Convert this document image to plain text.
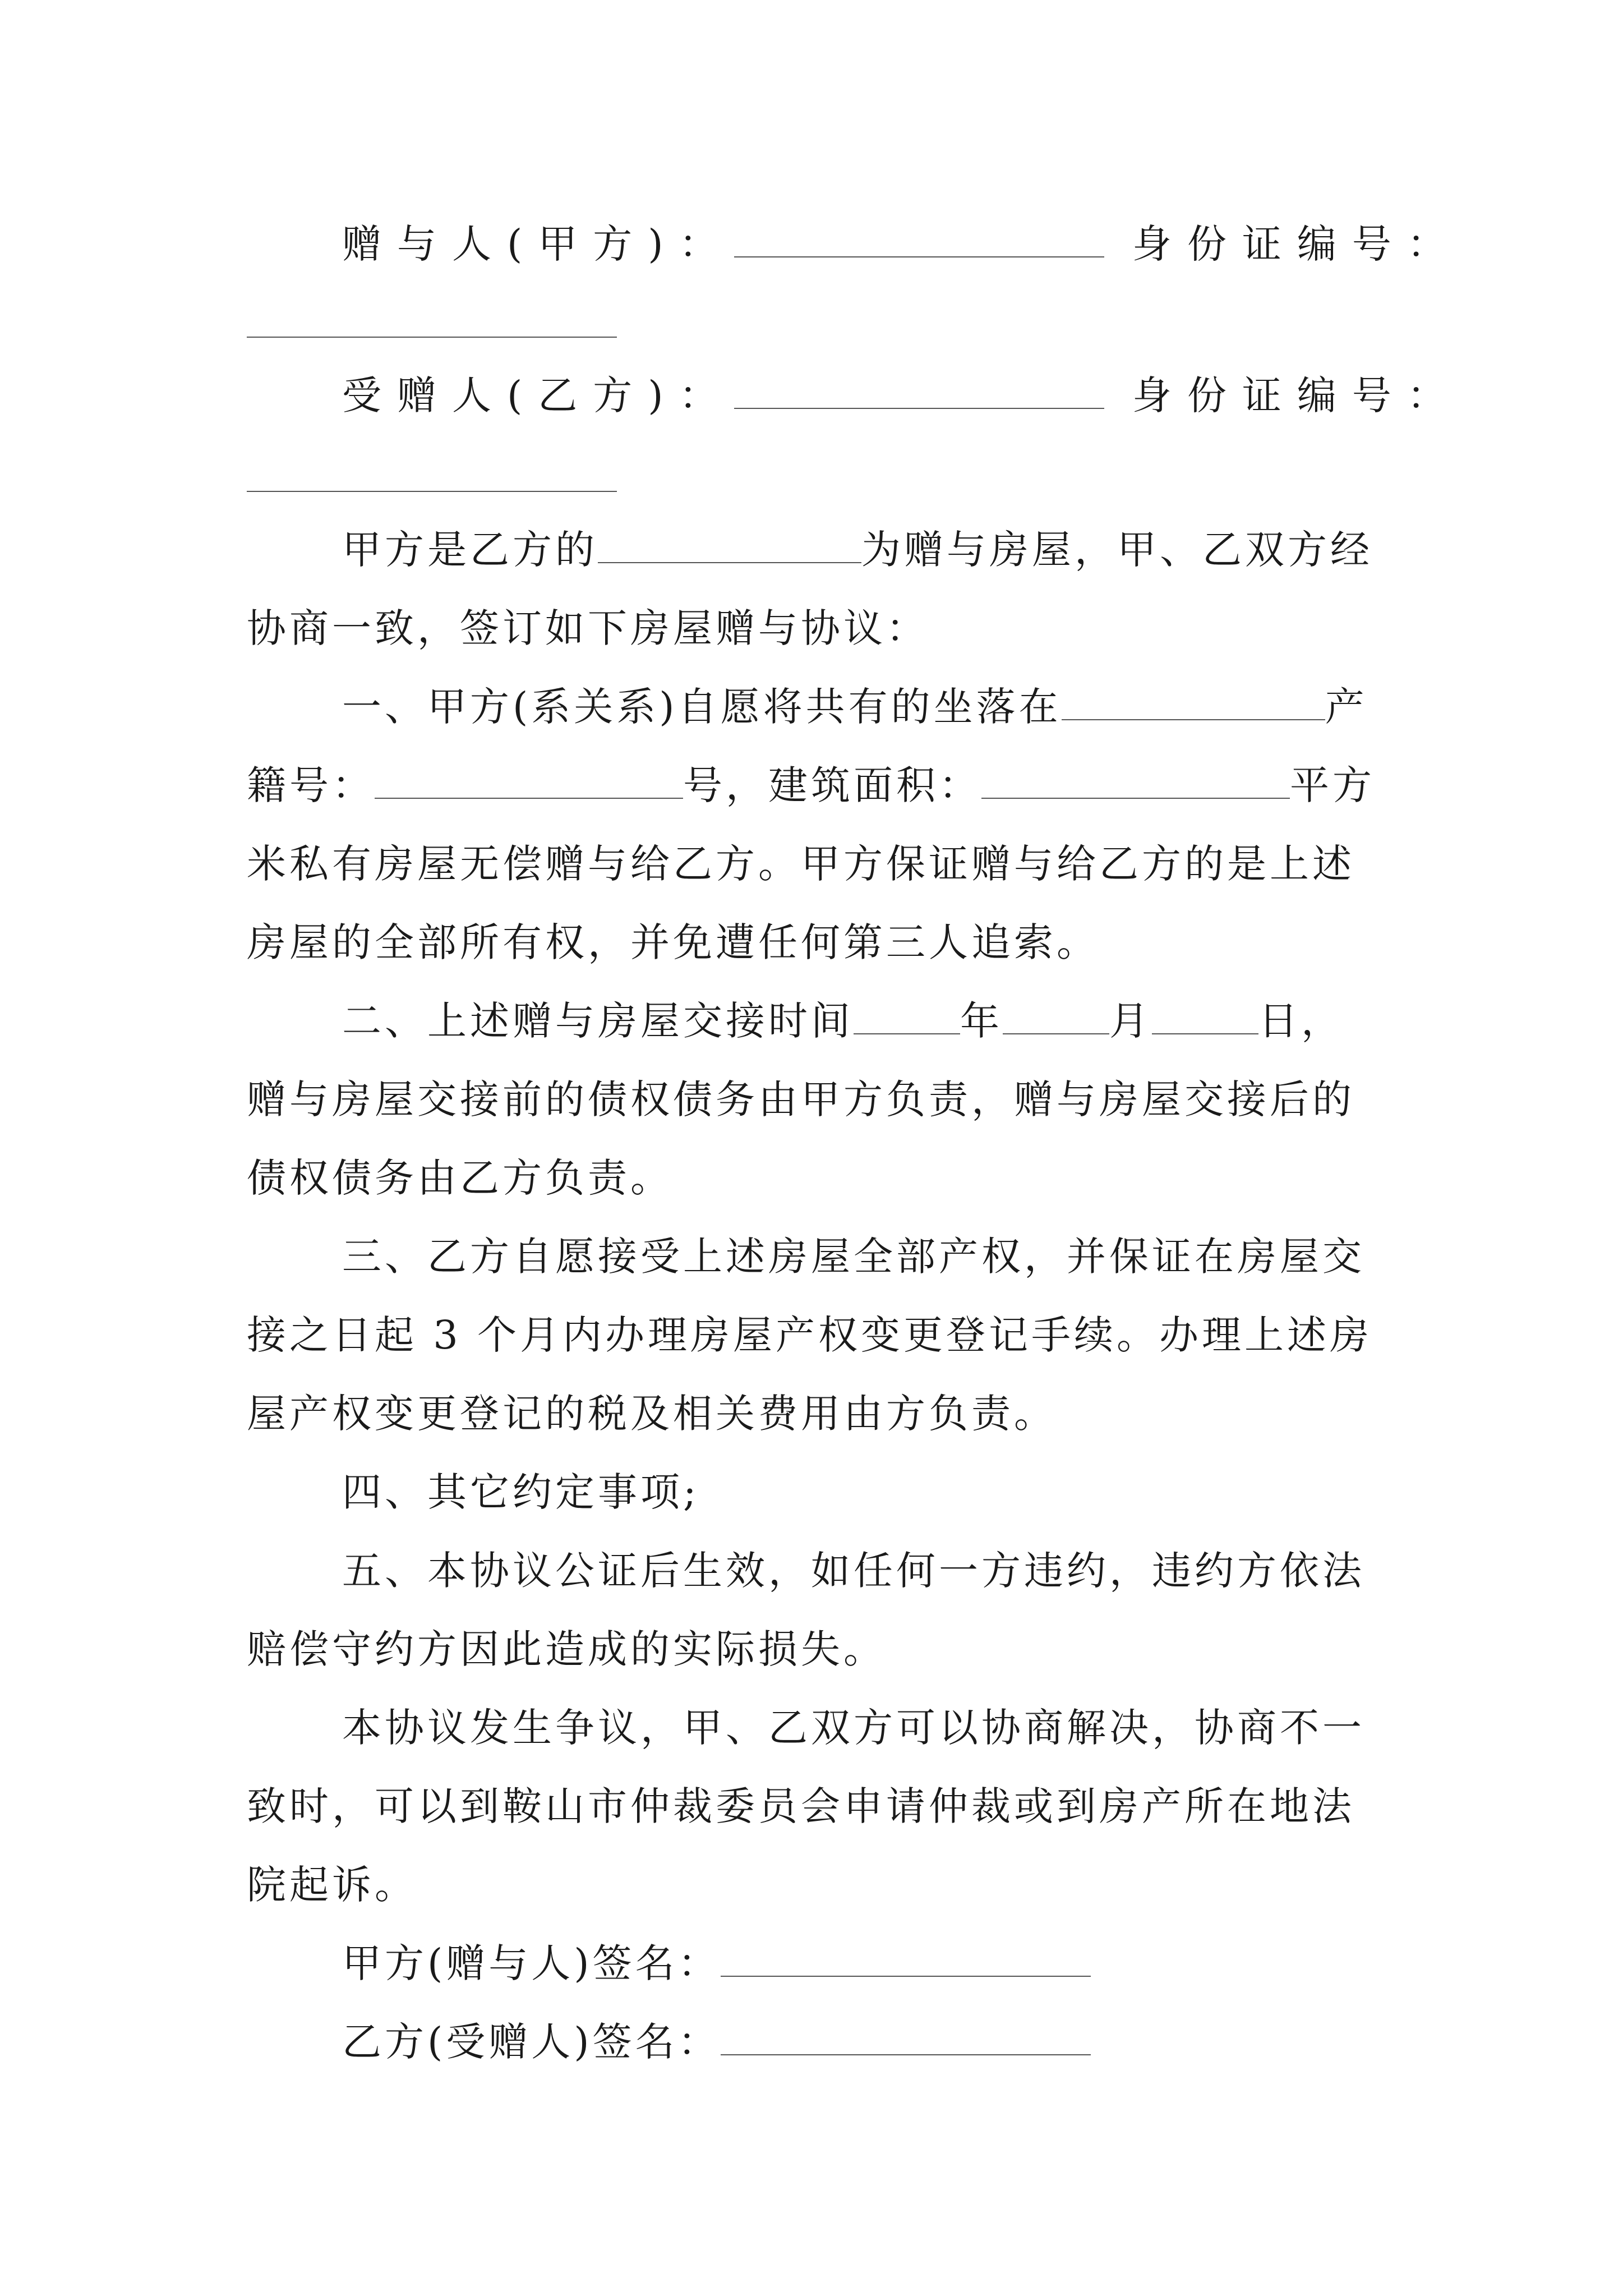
赠与人(甲方)：	身份证编号：
受赠人(乙方)：	身份证编号：
甲方是乙方的	为赠与房屋，甲、乙双方经
协商一致，签订如下房屋赠与协议：
一、甲方(系关系)自愿将共有的坐落在	产
籍号：	号，建筑面积：	平方
米私有房屋无偿赠与给乙方。甲方保证赠与给乙方的是上述
房屋的全部所有权，并免遭任何第三人追索。
二、上述赠与房屋交接时间	年	月	日，
赠与房屋交接前的债权债务由甲方负责，赠与房屋交接后的
债权债务由乙方负责。
三、乙方自愿接受上述房屋全部产权，并保证在房屋交
接之日起 3 个月内办理房屋产权变更登记手续。办理上述房
屋产权变更登记的税及相关费用由方负责。
四、其它约定事项;
五、本协议公证后生效，如任何一方违约，违约方依法
赔偿守约方因此造成的实际损失。
本协议发生争议，甲、乙双方可以协商解决，协商不一
致时，可以到鞍山市仲裁委员会申请仲裁或到房产所在地法
院起诉。
甲方(赠与人)签名：
乙方(受赠人)签名：
